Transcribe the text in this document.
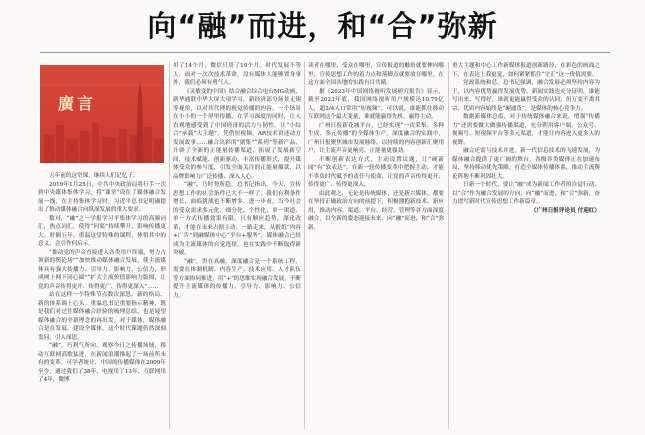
向“融”而进，和“合”弥新
廣言

五年前的这堂课，继续人们记忆子。

2019年1月25日，中共中央政治局将行手一次到中央媒体集体学习，将“课堂”设在了媒体融合发展一线，在主持集体学习时，习近平总书记明确提出了推动媒体融合向纵深发展的重大要求。

数对，“融”之一学报学习平集体学习的高频词汇，热点词汇，使得“问渠”持续攀升，影响传播更大。时隔五年，重温这堂特殊的课程，体悟其中的意义，会引作何启示。

“推动党的声音直接进入各类用户终端，努力占领新的舆论场”“加快推动媒体融合发展，使主流媒体具有强大传播力、引导力、影响力、公信力，形成网上网下同心圆”“扩大主流价值影响力版图，让党的声音传得更开、传得更广、传得更深入”……

站在这样一个特殊节点数次深思，新的格局、新的体系调上心头。重温总书记重要指示精神，既是我们对过往媒体融合经验的梳理总结，也是展望媒体融合的全新理念的再出发。对于媒体，媒体融合是在发展、建设全媒体，这个时代课题仍然深刻发问，引人深思。

“融”，巧利气所向。观察今日之传播场域，移动互联网高歌猛进，在新闻浪潮推起了一场前所未有的变革。可学者统计，中国的传播媒体在2009年至今，通过我们了38年，电视用了13年，互联网用了4年，微博

用了14个月，微信只用了10个月。时代发展不等人，面对一次次技术革命，没有媒体人能够置身事外，我们必须有勇气人。

《灵敏变的中国》结合融合综合电台MG动画、新华通联中华大屏大项学习，新经济部分场景无锡等视角，以对其代理的视觉传播的内容，一个场景在小小的一个屏里传播，在学习深度的同时，让人直观地感受到了中国经济的活力与韧性。让“小综合”承载“大主题”，凭借短视频、AR技术讲述动方发展故事……融合出彩的“剧集”“系列”等新产品，开辟了全新的正能量传播渠道，拓展了发展新空间，技术赋能、创新驱动，丰富传播形式，提升媒体受众的参与度，引发全面关注的正能量爆款，以品牌影响力广泛传播、深入人心。

“融”，乃时势所趋。总书记指出，今天，宣传思想工作的社会条件已大不一样了，我们有利条件增长、面临挑战也不断增多。进一步看，当今社会的受众需求多元化、细分化、个性化，单一渠道、单一方式传播效果有限。只有顺应趋势，深化改革，才能在未来占据主动。一路走来，从报纸“内容+广告”到融媒体中心“平台+服务”，媒体融合已经成为主流媒体的自觉选择，也在实践中不断取得新突破。

“融”，贵在真融。深度融合是一个系统工程，需要在体制机制、内容生产、技术应用、人才队伍等方面协同推进，用“+”的思维实现融合发展，不断提升主流媒体的传播力、引导力、影响力、公信力。

读者在哪里，受众在哪里，宣传报道的触角就要伸向哪里，宣传思想工作的着力点和落脚点就要放在哪里。在这方面全国各地的实践有目共睹。

据《2023年中国网络视听发展研究报告》显示，截至2023年底，我国网络视听用户规模达10.79亿人，超3/4人口常用“短视频”。可以说，谁能抓住移动互联网这个最大变量，谁就能赢得先机、赢得主动。

广州日报新花城平台，已经实现“一次采集、多种生成、多元传播”的全媒体生产，深度融合的实践中，广州日报聚焦城市发展脉络，以持续的内容创新汇聚用户，让主流声音更响亮、正能量更强劲。

不断创新表达方式，主动设置议题，让“硬新闻”有“软表达”，在新一轮传播变革中把握主动，才能不辜负时代赋予的责任与使命，让党的声音传得更开、传得更广、传得更深入。

由此观之，无论是传统媒体，还是新兴媒体，都要在坚持正确政治方向的前提下，积极拥抱新技术、新应用，推动内容、渠道、平台、经营、管理等各方面深度融合，以全新的姿态迎接未来，向“融”而进，和“合”弥新。

重大主题和中心工作新媒体报道创新路径，在彩色的画面之下，在表达上我更觉，如何紧紧抓住“守正”这一价值需要。

党政系统和总。总书记强调，融合发展必须坚持内容为王，以内容优势赢得发展优势。新闻实践也充分证明，谁能写出来、写得好，谁就更能赢得受众的认同。但万变不离其宗，优质内容始终是“硬通货”，是媒体的核心竞争力。

数据新媒体总监，对于传统媒体融合来说，增强“传播力”还需要做大做强传播渠道，充分利用客户端、公众号、视频号、短视频平台等多元渠道，才能让内容进入更多人的视野。

融合还需与技术并进。新一代信息技术的飞速发展，为媒体融合提供了更广阔的舞台，各级各类媒体正在加速布局，坚持移动优先策略，打造全媒体传播体系，推动主流舆论阵地不断巩固壮大。

日新一个时代，要让“融”成为新闻工作者的自觉行动，以“合”作为融合发展的方向，向“融”而进，和“合”弥新，奋力谱写新时代宣传思想工作新篇章。

（广州日报评论员 付迎红）
